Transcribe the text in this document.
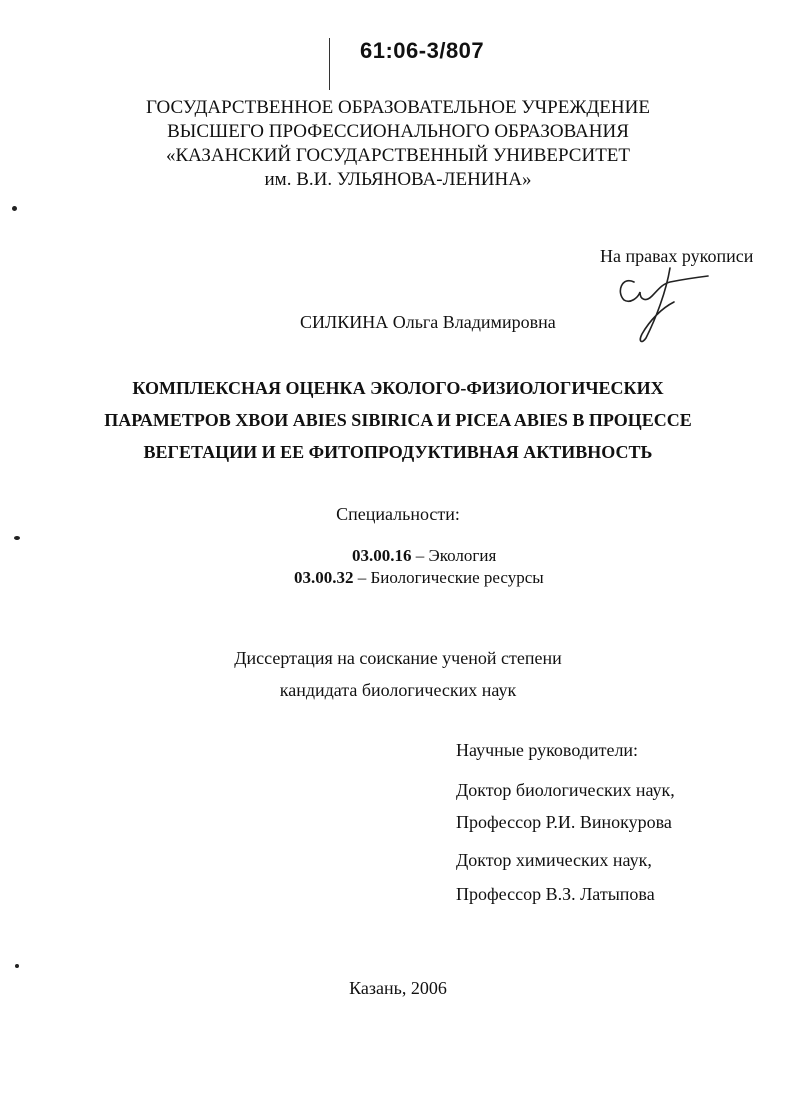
61:06-3/807
ГОСУДАРСТВЕННОЕ ОБРАЗОВАТЕЛЬНОЕ УЧРЕЖДЕНИЕ
ВЫСШЕГО ПРОФЕССИОНАЛЬНОГО ОБРАЗОВАНИЯ
«КАЗАНСКИЙ ГОСУДАРСТВЕННЫЙ УНИВЕРСИТЕТ
им. В.И. УЛЬЯНОВА-ЛЕНИНА»
На правах рукописи
СИЛКИНА Ольга Владимировна
КОМПЛЕКСНАЯ ОЦЕНКА ЭКОЛОГО-ФИЗИОЛОГИЧЕСКИХ
ПАРАМЕТРОВ ХВОИ ABIES SIBIRICA И PICEA ABIES В ПРОЦЕССЕ
ВЕГЕТАЦИИ И ЕЕ ФИТОПРОДУКТИВНАЯ АКТИВНОСТЬ
Специальности:
03.00.16 – Экология
03.00.32 – Биологические ресурсы
Диссертация на соискание ученой степени
кандидата биологических наук
Научные руководители:
Доктор биологических наук,
Профессор Р.И. Винокурова
Доктор химических наук,
Профессор В.З. Латыпова
Казань, 2006
